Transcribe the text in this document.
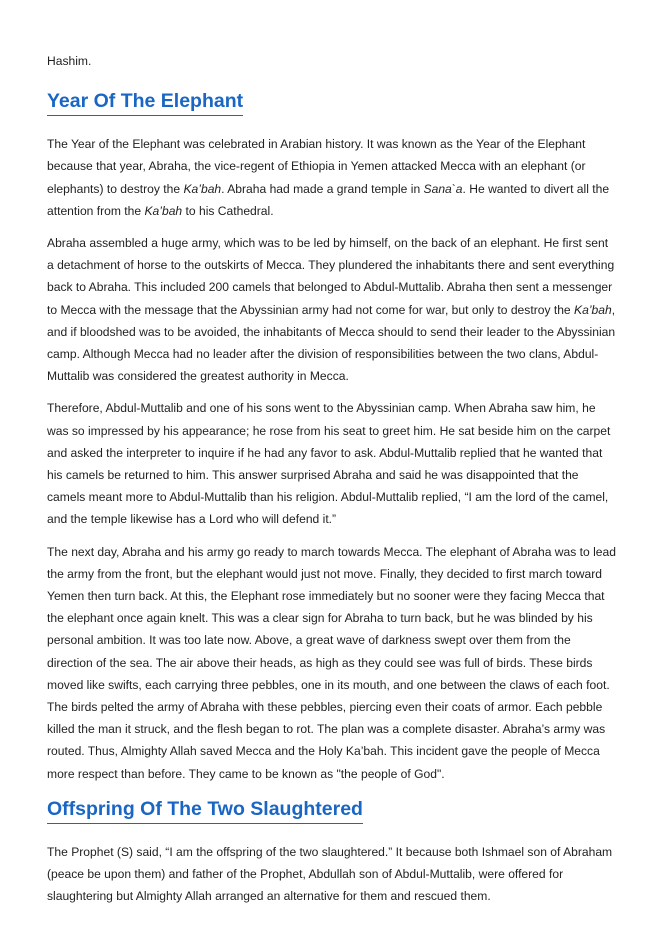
Hashim.

Year Of The Elephant

The Year of the Elephant was celebrated in Arabian history. It was known as the Year of the Elephant because that year, Abraha, the vice-regent of Ethiopia in Yemen attacked Mecca with an elephant (or elephants) to destroy the Ka’bah. Abraha had made a grand temple in Sana`a. He wanted to divert all the attention from the Ka’bah to his Cathedral.

Abraha assembled a huge army, which was to be led by himself, on the back of an elephant. He first sent a detachment of horse to the outskirts of Mecca. They plundered the inhabitants there and sent everything back to Abraha. This included 200 camels that belonged to Abdul-Muttalib. Abraha then sent a messenger to Mecca with the message that the Abyssinian army had not come for war, but only to destroy the Ka’bah, and if bloodshed was to be avoided, the inhabitants of Mecca should to send their leader to the Abyssinian camp. Although Mecca had no leader after the division of responsibilities between the two clans, Abdul-Muttalib was considered the greatest authority in Mecca.

Therefore, Abdul-Muttalib and one of his sons went to the Abyssinian camp. When Abraha saw him, he was so impressed by his appearance; he rose from his seat to greet him. He sat beside him on the carpet and asked the interpreter to inquire if he had any favor to ask. Abdul-Muttalib replied that he wanted that his camels be returned to him. This answer surprised Abraha and said he was disappointed that the camels meant more to Abdul-Muttalib than his religion. Abdul-Muttalib replied, “I am the lord of the camel, and the temple likewise has a Lord who will defend it.”

The next day, Abraha and his army go ready to march towards Mecca. The elephant of Abraha was to lead the army from the front, but the elephant would just not move. Finally, they decided to first march toward Yemen then turn back. At this, the Elephant rose immediately but no sooner were they facing Mecca that the elephant once again knelt. This was a clear sign for Abraha to turn back, but he was blinded by his personal ambition. It was too late now. Above, a great wave of darkness swept over them from the direction of the sea. The air above their heads, as high as they could see was full of birds. These birds moved like swifts, each carrying three pebbles, one in its mouth, and one between the claws of each foot. The birds pelted the army of Abraha with these pebbles, piercing even their coats of armor. Each pebble killed the man it struck, and the flesh began to rot. The plan was a complete disaster. Abraha’s army was routed. Thus, Almighty Allah saved Mecca and the Holy Ka’bah. This incident gave the people of Mecca more respect than before. They came to be known as "the people of God".

Offspring Of The Two Slaughtered

The Prophet (S) said, “I am the offspring of the two slaughtered.” It because both Ishmael son of Abraham (peace be upon them) and father of the Prophet, Abdullah son of Abdul-Muttalib, were offered for slaughtering but Almighty Allah arranged an alternative for them and rescued them.
